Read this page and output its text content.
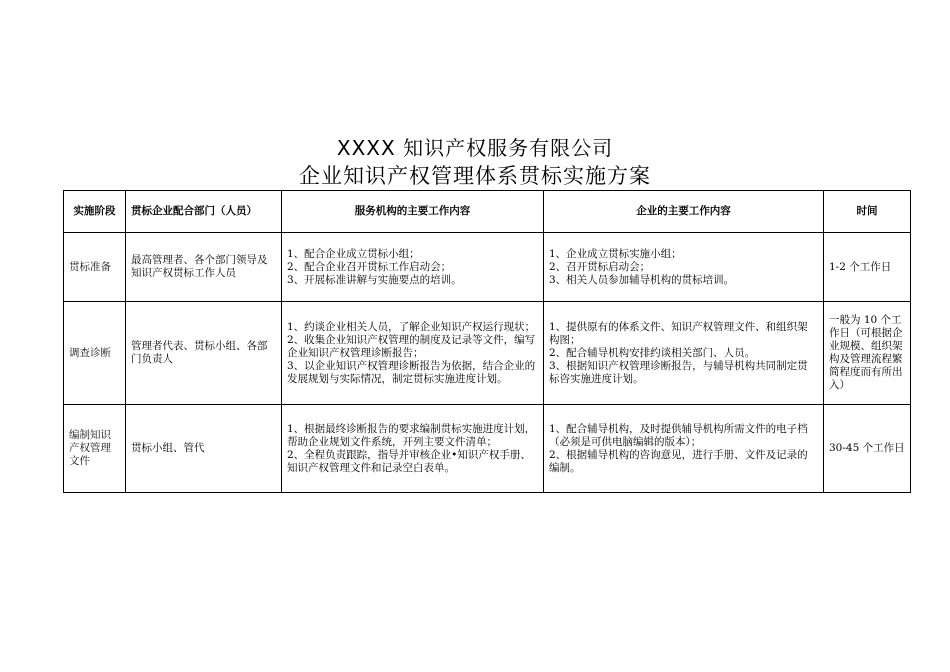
XXXX 知识产权服务有限公司
企业知识产权管理体系贯标实施方案
实施阶段	贯标企业配合部门（人员）	服务机构的主要工作内容	企业的主要工作内容	时间
贯标准备	最高管理者、各个部门领导及知识产权贯标工作人员	1、配合企业成立贯标小组；
2、配合企业召开贯标工作启动会；
3、开展标准讲解与实施要点的培训。	1、企业成立贯标实施小组；
2、召开贯标启动会；
3、相关人员参加辅导机构的贯标培训。	1-2 个工作日
调查诊断	管理者代表、贯标小组、各部门负责人	1、约谈企业相关人员，了解企业知识产权运行现状；
2、收集企业知识产权管理的制度及记录等文件，编写企业知识产权管理诊断报告；
3、以企业知识产权管理诊断报告为依据，结合企业的发展规划与实际情况，制定贯标实施进度计划。	1、提供原有的体系文件、知识产权管理文件、和组织架构图；
2、配合辅导机构安排约谈相关部门、人员。
3、根据知识产权管理诊断报告，与辅导机构共同制定贯标咨实施进度计划。	一般为 10 个工作日（可根据企业规模、组织架构及管理流程繁简程度而有所出入）
编制知识产权管理文件	贯标小组、管代	1、根据最终诊断报告的要求编制贯标实施进度计划，帮助企业规划文件系统，开列主要文件清单；
2、全程负责跟踪，指导并审核企业•知识产权手册、知识产权管理文件和记录空白表单。	1、配合辅导机构，及时提供辅导机构所需文件的电子档（必须是可供电脑编辑的版本）；
2、根据辅导机构的咨询意见，进行手册、文件及记录的编制。	30-45 个工作日
